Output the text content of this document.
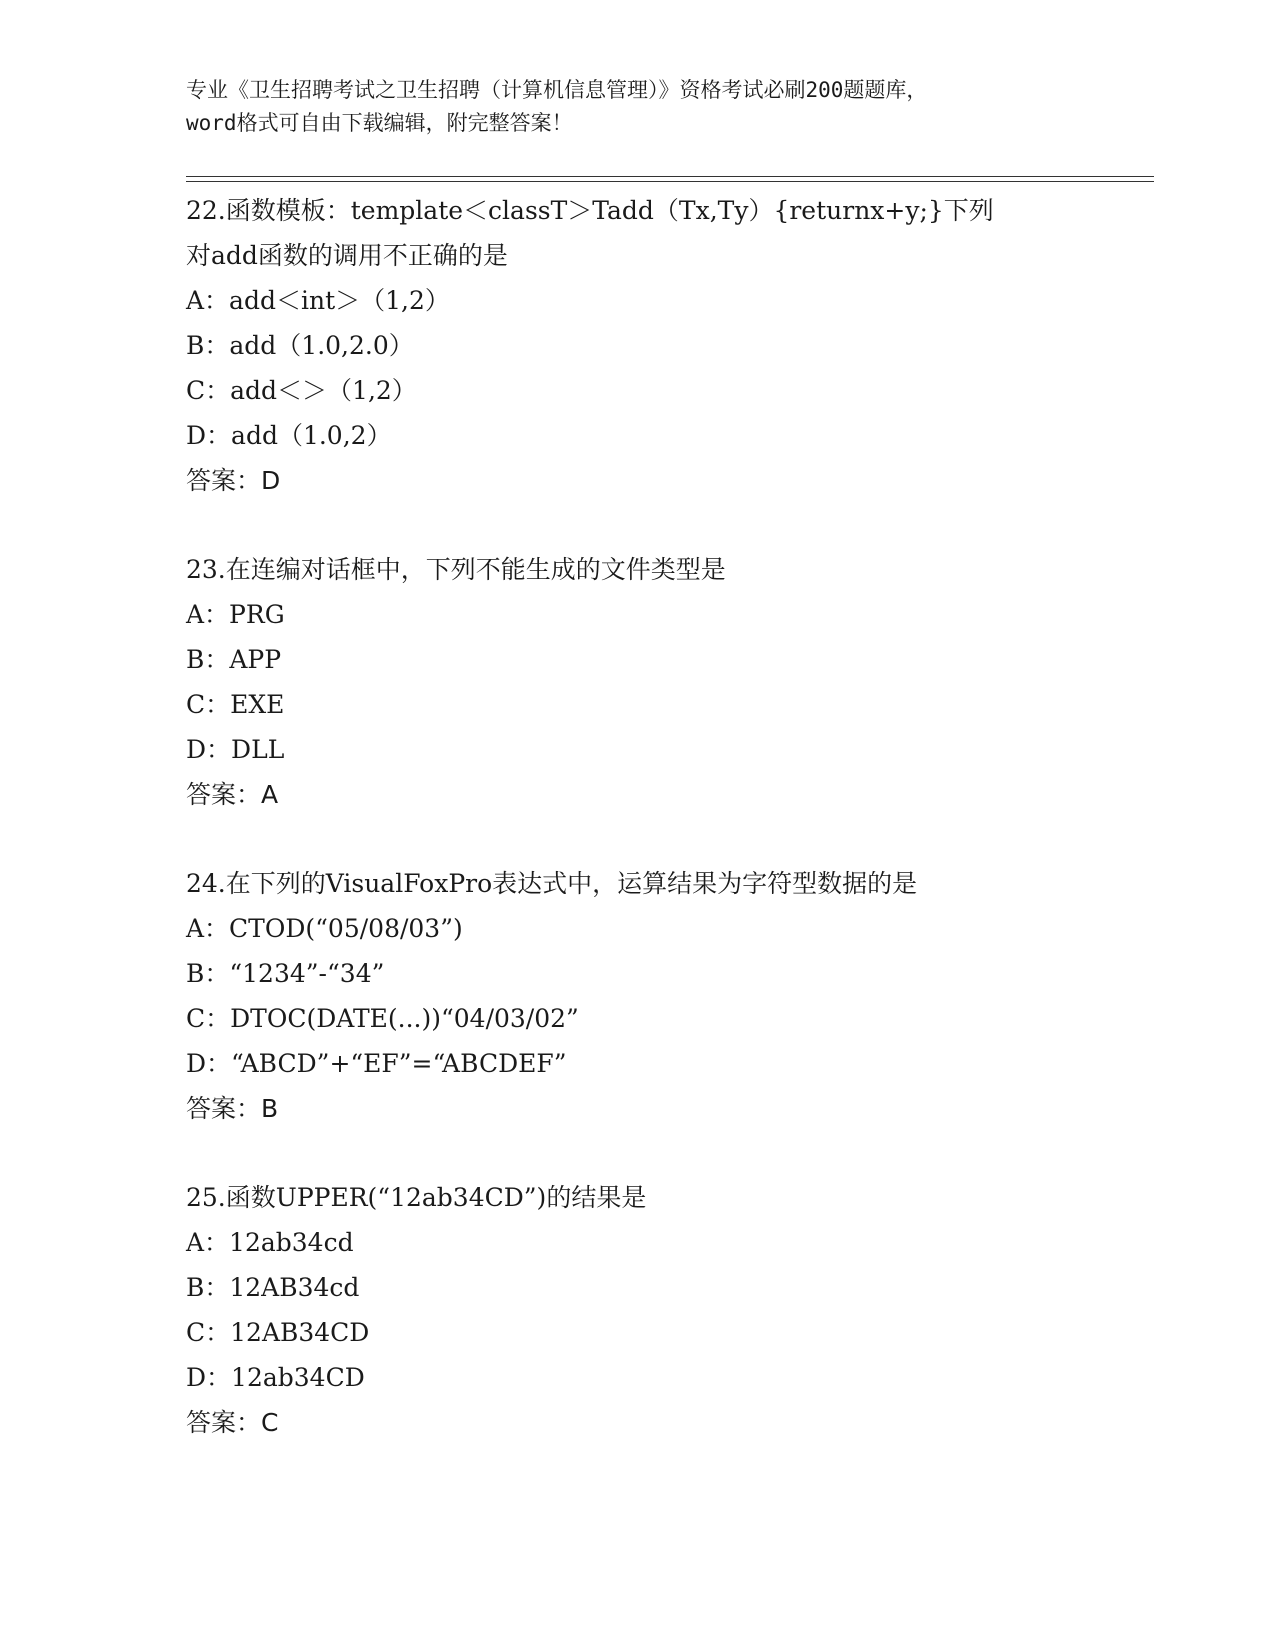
专业《卫生招聘考试之卫生招聘（计算机信息管理）》资格考试必刷200题题库，
word格式可自由下载编辑，附完整答案！
22.函数模板：template＜classT＞Tadd（Tx,Ty）{returnx+y;}下列
对add函数的调用不正确的是
A：add＜int＞（1,2）
B：add（1.0,2.0）
C：add＜＞（1,2）
D：add（1.0,2）
答案：D
23.在连编对话框中，下列不能生成的文件类型是
A：PRG
B：APP
C：EXE
D：DLL
答案：A
24.在下列的VisualFoxPro表达式中，运算结果为字符型数据的是
A：CTOD(“05/08/03”)
B：“1234”-“34”
C：DTOC(DATE(...))“04/03/02”
D：“ABCD”+“EF”=“ABCDEF”
答案：B
25.函数UPPER(“12ab34CD”)的结果是
A：12ab34cd
B：12AB34cd
C：12AB34CD
D：12ab34CD
答案：C
